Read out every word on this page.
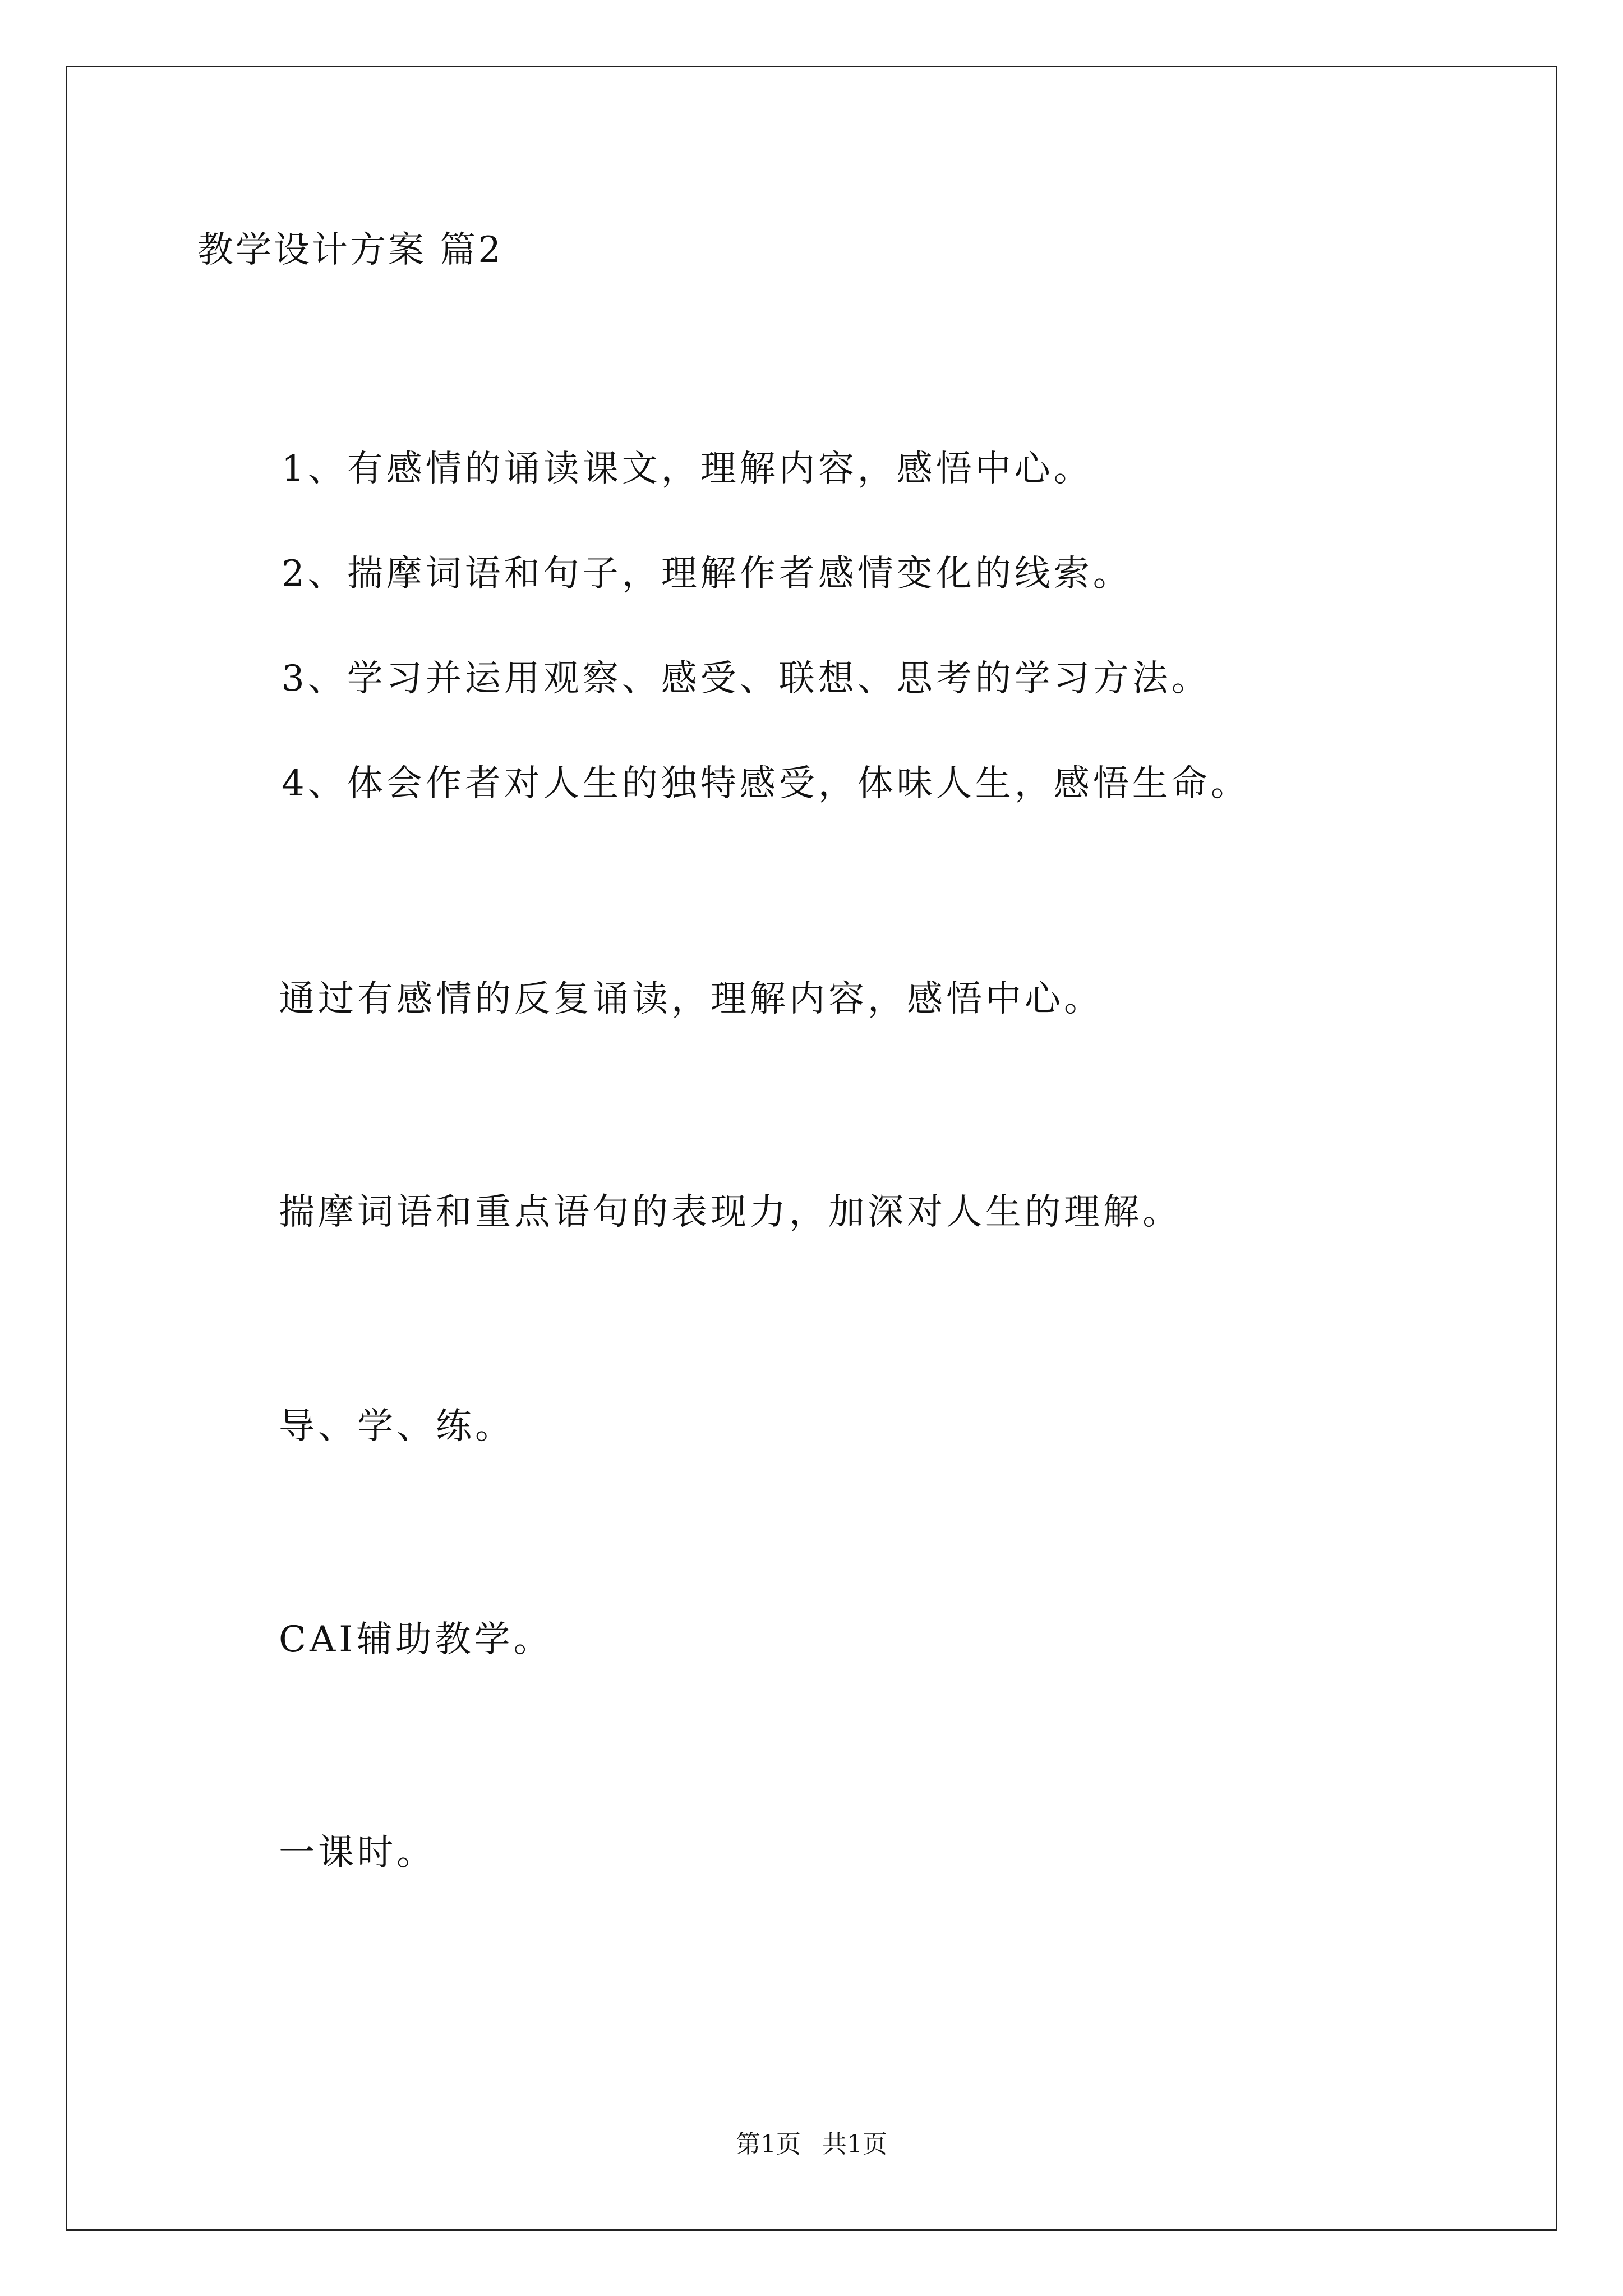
教学设计方案 篇2
1、有感情的诵读课文，理解内容，感悟中心。
2、揣摩词语和句子，理解作者感情变化的线索。
3、学习并运用观察、感受、联想、思考的学习方法。
4、体会作者对人生的独特感受，体味人生，感悟生命。
通过有感情的反复诵读，理解内容，感悟中心。
揣摩词语和重点语句的表现力，加深对人生的理解。
导、学、练。
CAI辅助教学。
一课时。
第1页 共1页
